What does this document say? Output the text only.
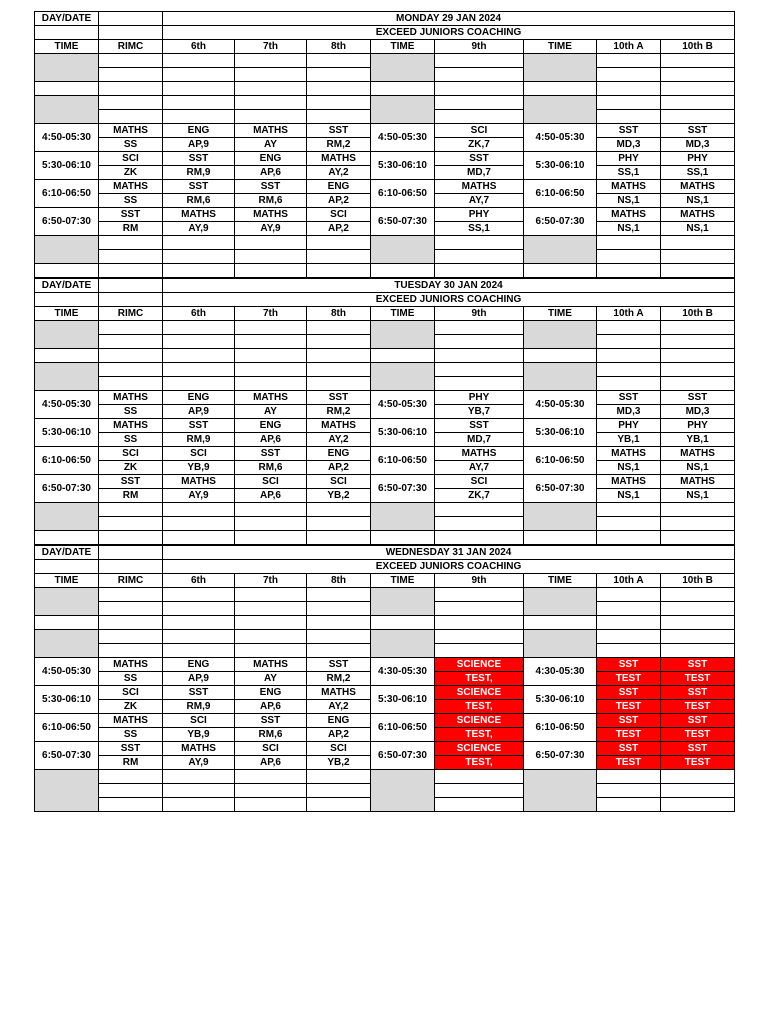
DAY/DATE		MONDAY 29 JAN 2024							
		EXCEED JUNIORS COACHING							
TIME	RIMC	6th	7th	8th	TIME	9th	TIME	10th A	10th B

4:50-05:30	MATHS	ENG	MATHS	SST	4:50-05:30	SCI	4:50-05:30	SST	SST
	SS	AP,9	AY	RM,2		ZK,7		MD,3	MD,3
5:30-06:10	SCI	SST	ENG	MATHS	5:30-06:10	SST	5:30-06:10	PHY	PHY
	ZK	RM,9	AP,6	AY,2		MD,7		SS,1	SS,1
6:10-06:50	MATHS	SST	SST	ENG	6:10-06:50	MATHS	6:10-06:50	MATHS	MATHS
	SS	RM,6	RM,6	AP,2		AY,7		NS,1	NS,1
6:50-07:30	SST	MATHS	MATHS	SCI	6:50-07:30	PHY	6:50-07:30	MATHS	MATHS
	RM	AY,9	AY,9	AP,2		SS,1		NS,1	NS,1

DAY/DATE		TUESDAY 30 JAN 2024							
		EXCEED JUNIORS COACHING							
TIME	RIMC	6th	7th	8th	TIME	9th	TIME	10th A	10th B

4:50-05:30	MATHS	ENG	MATHS	SST	4:50-05:30	PHY	4:50-05:30	SST	SST
	SS	AP,9	AY	RM,2		YB,7		MD,3	MD,3
5:30-06:10	MATHS	SST	ENG	MATHS	5:30-06:10	SST	5:30-06:10	PHY	PHY
	SS	RM,9	AP,6	AY,2		MD,7		YB,1	YB,1
6:10-06:50	SCI	SCI	SST	ENG	6:10-06:50	MATHS	6:10-06:50	MATHS	MATHS
	ZK	YB,9	RM,6	AP,2		AY,7		NS,1	NS,1
6:50-07:30	SST	MATHS	SCI	SCI	6:50-07:30	SCI	6:50-07:30	MATHS	MATHS
	RM	AY,9	AP,6	YB,2		ZK,7		NS,1	NS,1

DAY/DATE		WEDNESDAY 31 JAN 2024							
		EXCEED JUNIORS COACHING							
TIME	RIMC	6th	7th	8th	TIME	9th	TIME	10th A	10th B

4:50-05:30	MATHS	ENG	MATHS	SST	4:30-05:30	SCIENCE	4:30-05:30	SST	SST
	SS	AP,9	AY	RM,2		TEST,		TEST	TEST
5:30-06:10	SCI	SST	ENG	MATHS	5:30-06:10	SCIENCE	5:30-06:10	SST	SST
	ZK	RM,9	AP,6	AY,2		TEST,		TEST	TEST
6:10-06:50	MATHS	SCI	SST	ENG	6:10-06:50	SCIENCE	6:10-06:50	SST	SST
	SS	YB,9	RM,6	AP,2		TEST,		TEST	TEST
6:50-07:30	SST	MATHS	SCI	SCI	6:50-07:30	SCIENCE	6:50-07:30	SST	SST
	RM	AY,9	AP,6	YB,2		TEST,		TEST	TEST
